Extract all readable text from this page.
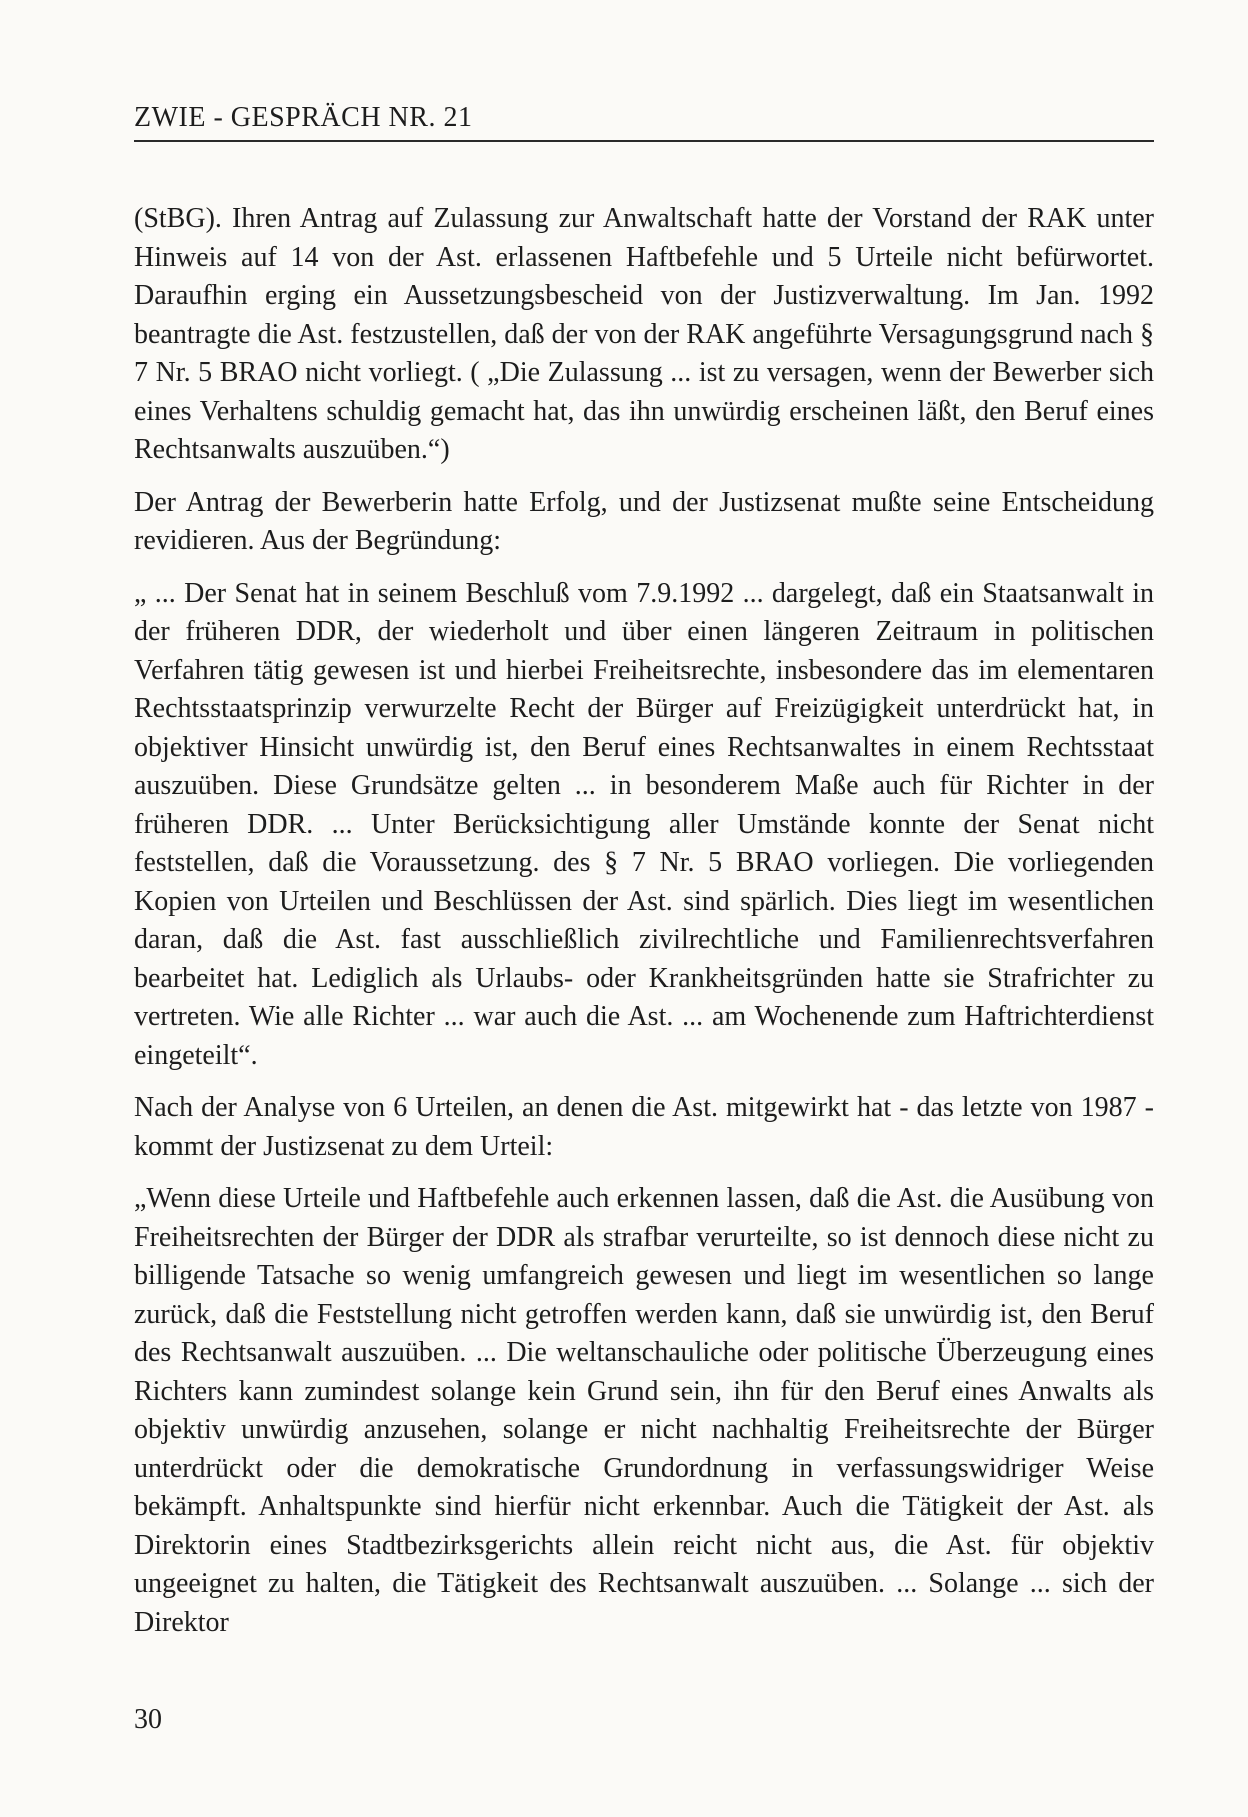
ZWIE - GESPRÄCH NR. 21

(StBG). Ihren Antrag auf Zulassung zur Anwaltschaft hatte der Vorstand der RAK unter Hinweis auf 14 von der Ast. erlassenen Haftbefehle und 5 Urteile nicht befürwortet. Daraufhin erging ein Aussetzungsbescheid von der Justizverwaltung. Im Jan. 1992 beantragte die Ast. festzustellen, daß der von der RAK angeführte Versagungsgrund nach § 7 Nr. 5 BRAO nicht vorliegt. ( „Die Zulassung ... ist zu versagen, wenn der Bewerber sich eines Verhaltens schuldig gemacht hat, das ihn unwürdig erscheinen läßt, den Beruf eines Rechtsanwalts auszuüben.“)

Der Antrag der Bewerberin hatte Erfolg, und der Justizsenat mußte seine Entscheidung revidieren. Aus der Begründung:

„ ... Der Senat hat in seinem Beschluß vom 7.9.1992 ... dargelegt, daß ein Staatsanwalt in der früheren DDR, der wiederholt und über einen längeren Zeitraum in politischen Verfahren tätig gewesen ist und hierbei Freiheitsrechte, insbesondere das im elementaren Rechtsstaatsprinzip verwurzelte Recht der Bürger auf Freizügigkeit unterdrückt hat, in objektiver Hinsicht unwürdig ist, den Beruf eines Rechtsanwaltes in einem Rechtsstaat auszuüben. Diese Grundsätze gelten ... in besonderem Maße auch für Richter in der früheren DDR. ... Unter Berücksichtigung aller Umstände konnte der Senat nicht feststellen, daß die Voraussetzung. des § 7 Nr. 5 BRAO vorliegen. Die vorliegenden Kopien von Urteilen und Beschlüssen der Ast. sind spärlich. Dies liegt im wesentlichen daran, daß die Ast. fast ausschließlich zivilrechtliche und Familienrechtsverfahren bearbeitet hat. Lediglich als Urlaubs- oder Krankheitsgründen hatte sie Strafrichter zu vertreten. Wie alle Richter ... war auch die Ast. ... am Wochenende zum Haftrichterdienst eingeteilt“.

Nach der Analyse von 6 Urteilen, an denen die Ast. mitgewirkt hat - das letzte von 1987 - kommt der Justizsenat zu dem Urteil:

„Wenn diese Urteile und Haftbefehle auch erkennen lassen, daß die Ast. die Ausübung von Freiheitsrechten der Bürger der DDR als strafbar verurteilte, so ist dennoch diese nicht zu billigende Tatsache so wenig umfangreich gewesen und liegt im wesentlichen so lange zurück, daß die Feststellung nicht getroffen werden kann, daß sie unwürdig ist, den Beruf des Rechtsanwalt auszuüben. ... Die weltanschauliche oder politische Überzeugung eines Richters kann zumindest solange kein Grund sein, ihn für den Beruf eines Anwalts als objektiv unwürdig anzusehen, solange er nicht nachhaltig Freiheitsrechte der Bürger unterdrückt oder die demokratische Grundordnung in verfassungswidriger Weise bekämpft. Anhaltspunkte sind hierfür nicht erkennbar. Auch die Tätigkeit der Ast. als Direktorin eines Stadtbezirksgerichts allein reicht nicht aus, die Ast. für objektiv ungeeignet zu halten, die Tätigkeit des Rechtsanwalt auszuüben. ... Solange ... sich der Direktor

30
